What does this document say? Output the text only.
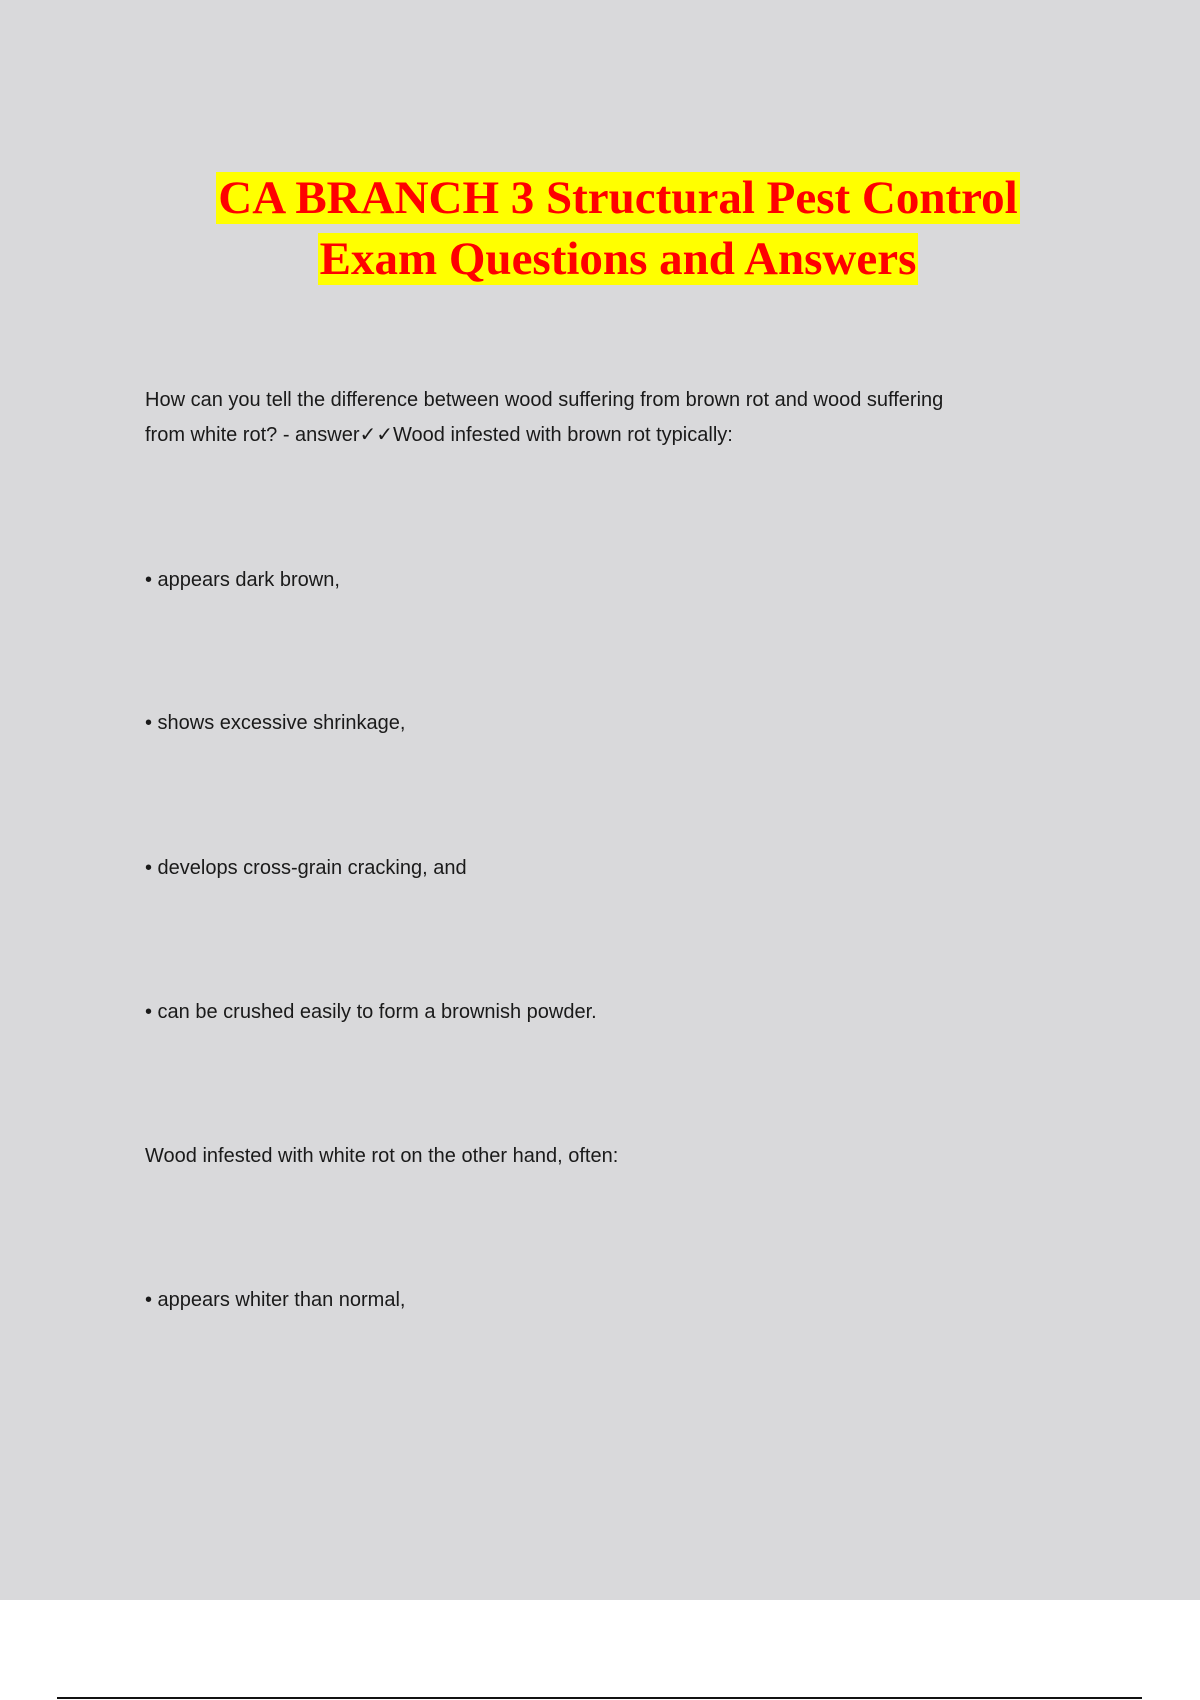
CA BRANCH 3 Structural Pest Control
Exam Questions and Answers

How can you tell the difference between wood suffering from brown rot and wood suffering
from white rot? - answer✓✓Wood infested with brown rot typically:

• appears dark brown,

• shows excessive shrinkage,

• develops cross-grain cracking, and

• can be crushed easily to form a brownish powder.

Wood infested with white rot on the other hand, often:

• appears whiter than normal,
